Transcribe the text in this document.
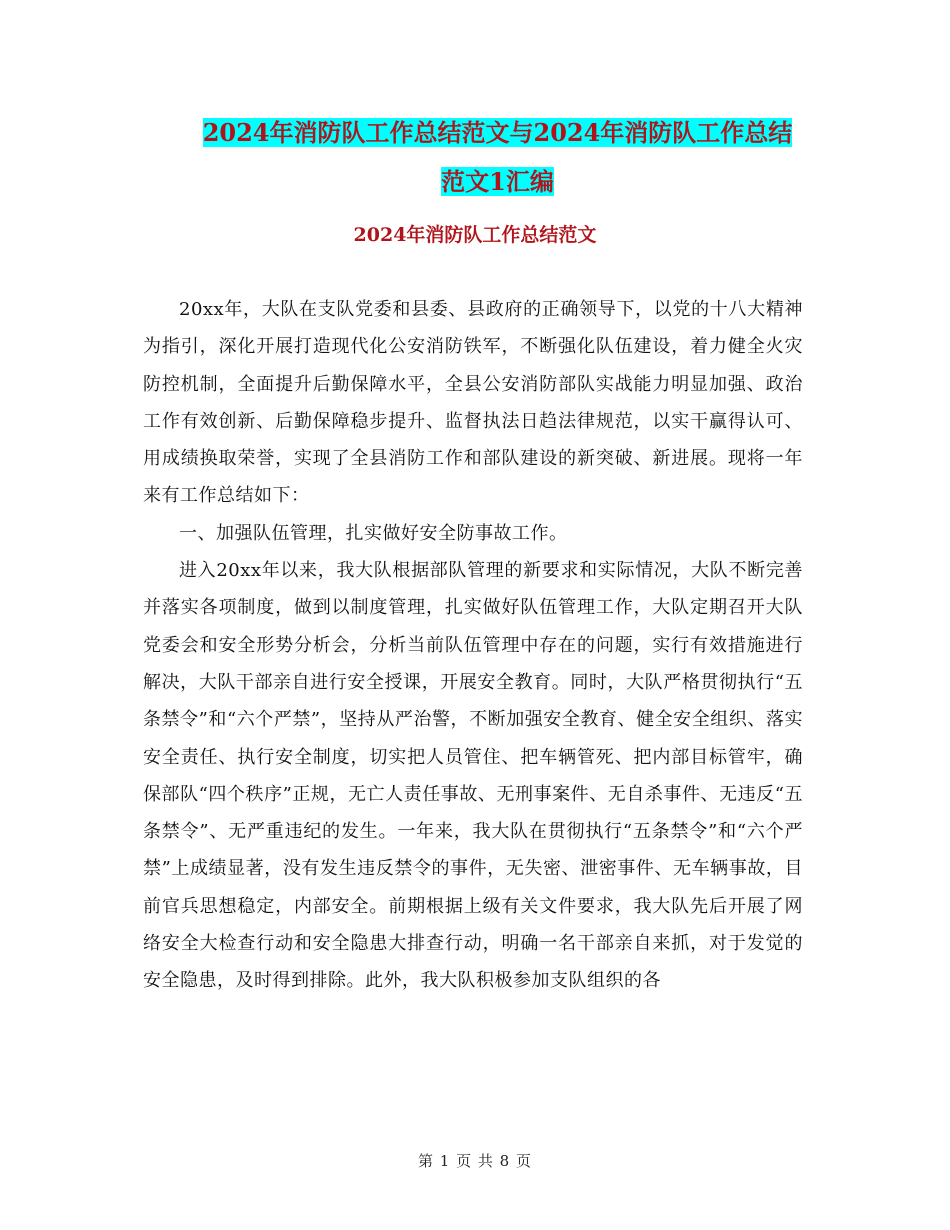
2024年消防队工作总结范文与2024年消防队工作总结
范文1汇编
2024年消防队工作总结范文

20xx年，大队在支队党委和县委、县政府的正确领导下，以党的十八大精神为指引，深化开展打造现代化公安消防铁军，不断强化队伍建设，着力健全火灾防控机制，全面提升后勤保障水平，全县公安消防部队实战能力明显加强、政治工作有效创新、后勤保障稳步提升、监督执法日趋法律规范，以实干赢得认可、用成绩换取荣誉，实现了全县消防工作和部队建设的新突破、新进展。现将一年来有工作总结如下：

一、加强队伍管理，扎实做好安全防事故工作。

进入20xx年以来，我大队根据部队管理的新要求和实际情况，大队不断完善并落实各项制度，做到以制度管理，扎实做好队伍管理工作，大队定期召开大队党委会和安全形势分析会，分析当前队伍管理中存在的问题，实行有效措施进行解决，大队干部亲自进行安全授课，开展安全教育。同时，大队严格贯彻执行“五条禁令”和“六个严禁”，坚持从严治警，不断加强安全教育、健全安全组织、落实安全责任、执行安全制度，切实把人员管住、把车辆管死、把内部目标管牢，确保部队“四个秩序”正规，无亡人责任事故、无刑事案件、无自杀事件、无违反“五条禁令”、无严重违纪的发生。一年来，我大队在贯彻执行“五条禁令”和“六个严禁”上成绩显著，没有发生违反禁令的事件，无失密、泄密事件、无车辆事故，目前官兵思想稳定，内部安全。前期根据上级有关文件要求，我大队先后开展了网络安全大检查行动和安全隐患大排查行动，明确一名干部亲自来抓，对于发觉的安全隐患，及时得到排除。此外，我大队积极参加支队组织的各

第 1 页 共 8 页
